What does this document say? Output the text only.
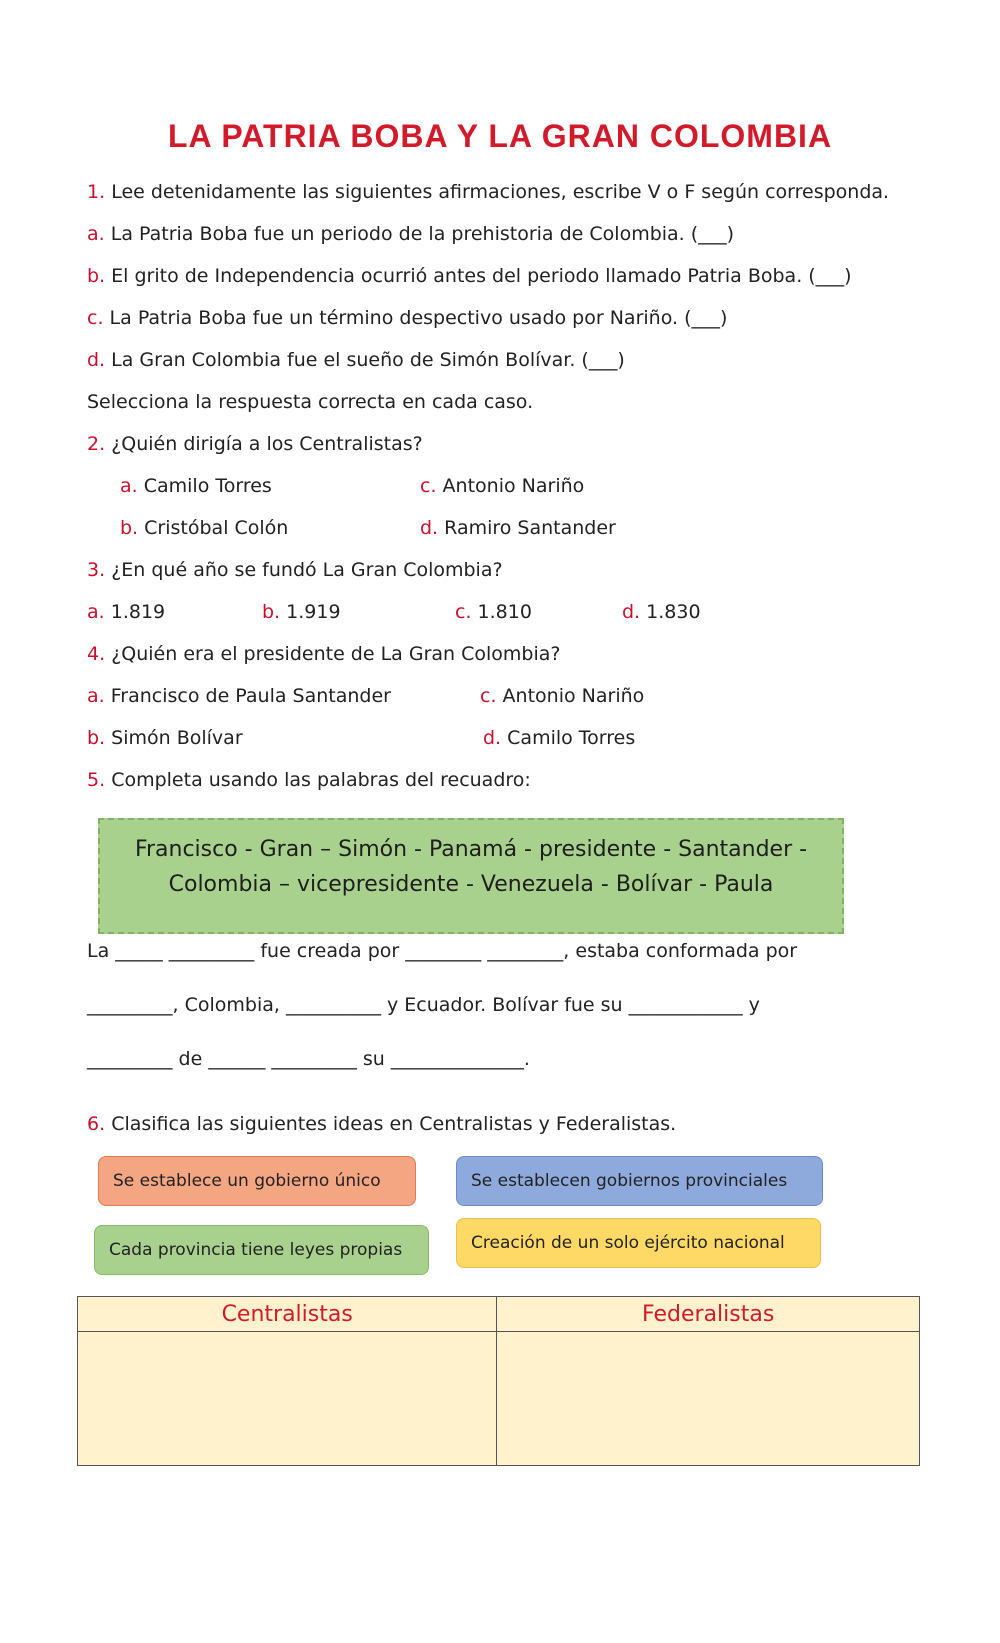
LA PATRIA BOBA Y LA GRAN COLOMBIA
1. Lee detenidamente las siguientes afirmaciones, escribe V o F según corresponda.
a. La Patria Boba fue un periodo de la prehistoria de Colombia. (___)
b. El grito de Independencia ocurrió antes del periodo llamado Patria Boba. (___)
c. La Patria Boba fue un término despectivo usado por Nariño. (___)
d. La Gran Colombia fue el sueño de Simón Bolívar. (___)
Selecciona la respuesta correcta en cada caso.
2. ¿Quién dirigía a los Centralistas?
a. Camilo Torres	c. Antonio Nariño
b. Cristóbal Colón	d. Ramiro Santander
3. ¿En qué año se fundó La Gran Colombia?
a. 1.819	b. 1.919	c. 1.810	d. 1.830
4. ¿Quién era el presidente de La Gran Colombia?
a. Francisco de Paula Santander	c. Antonio Nariño
b. Simón Bolívar	d. Camilo Torres
5. Completa usando las palabras del recuadro:
Francisco - Gran – Simón - Panamá - presidente - Santander -
Colombia – vicepresidente - Venezuela - Bolívar - Paula
La _____ _________ fue creada por ________ ________, estaba conformada por
_________, Colombia, __________ y Ecuador. Bolívar fue su ____________ y
_________ de ______ _________ su ______________.
6. Clasifica las siguientes ideas en Centralistas y Federalistas.
Se establece un gobierno único	Se establecen gobiernos provinciales
Cada provincia tiene leyes propias	Creación de un solo ejército nacional
Centralistas	Federalistas
